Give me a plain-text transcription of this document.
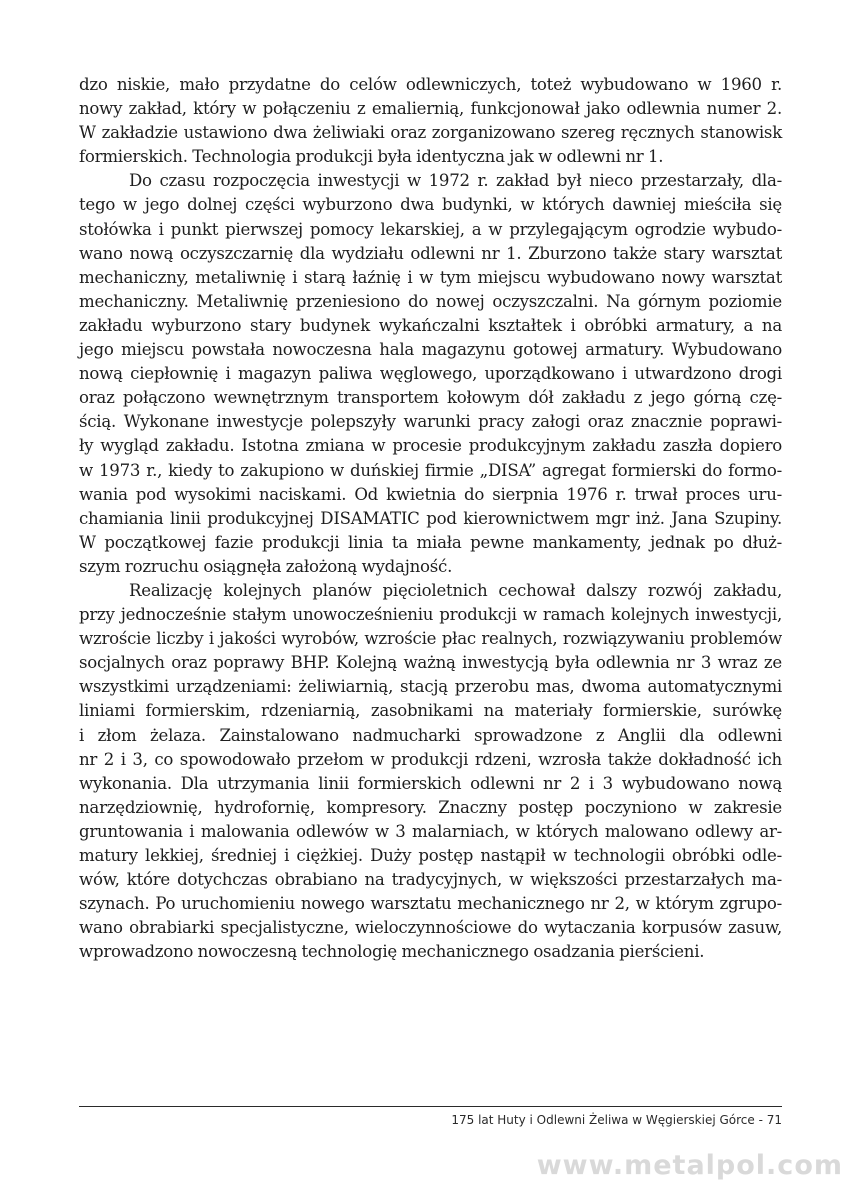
dzo niskie, mało przydatne do celów odlewniczych, toteż wybudowano w 1960 r.
nowy zakład, który w połączeniu z emaliernią, funkcjonował jako odlewnia numer 2.
W zakładzie ustawiono dwa żeliwiaki oraz zorganizowano szereg ręcznych stanowisk
formierskich. Technologia produkcji była identyczna jak w odlewni nr 1.
Do czasu rozpoczęcia inwestycji w 1972 r. zakład był nieco przestarzały, dla-
tego w jego dolnej części wyburzono dwa budynki, w których dawniej mieściła się
stołówka i punkt pierwszej pomocy lekarskiej, a w przylegającym ogrodzie wybudo-
wano nową oczyszczarnię dla wydziału odlewni nr 1. Zburzono także stary warsztat
mechaniczny, metaliwnię i starą łaźnię i w tym miejscu wybudowano nowy warsztat
mechaniczny. Metaliwnię przeniesiono do nowej oczyszczalni. Na górnym poziomie
zakładu wyburzono stary budynek wykańczalni kształtek i obróbki armatury, a na
jego miejscu powstała nowoczesna hala magazynu gotowej armatury. Wybudowano
nową ciepłownię i magazyn paliwa węglowego, uporządkowano i utwardzono drogi
oraz połączono wewnętrznym transportem kołowym dół zakładu z jego górną czę-
ścią. Wykonane inwestycje polepszyły warunki pracy załogi oraz znacznie poprawi-
ły wygląd zakładu. Istotna zmiana w procesie produkcyjnym zakładu zaszła dopiero
w 1973 r., kiedy to zakupiono w duńskiej firmie „DISA” agregat formierski do formo-
wania pod wysokimi naciskami. Od kwietnia do sierpnia 1976 r. trwał proces uru-
chamiania linii produkcyjnej DISAMATIC pod kierownictwem mgr inż. Jana Szupiny.
W początkowej fazie produkcji linia ta miała pewne mankamenty, jednak po dłuż-
szym rozruchu osiągnęła założoną wydajność.
Realizację kolejnych planów pięcioletnich cechował dalszy rozwój zakładu,
przy jednocześnie stałym unowocześnieniu produkcji w ramach kolejnych inwestycji,
wzroście liczby i jakości wyrobów, wzroście płac realnych, rozwiązywaniu problemów
socjalnych oraz poprawy BHP. Kolejną ważną inwestycją była odlewnia nr 3 wraz ze
wszystkimi urządzeniami: żeliwiarnią, stacją przerobu mas, dwoma automatycznymi
liniami formierskim, rdzeniarnią, zasobnikami na materiały formierskie, surówkę
i złom żelaza. Zainstalowano nadmucharki sprowadzone z Anglii dla odlewni
nr 2 i 3, co spowodowało przełom w produkcji rdzeni, wzrosła także dokładność ich
wykonania. Dla utrzymania linii formierskich odlewni nr 2 i 3 wybudowano nową
narzędziownię, hydrofornię, kompresory. Znaczny postęp poczyniono w zakresie
gruntowania i malowania odlewów w 3 malarniach, w których malowano odlewy ar-
matury lekkiej, średniej i ciężkiej. Duży postęp nastąpił w technologii obróbki odle-
wów, które dotychczas obrabiano na tradycyjnych, w większości przestarzałych ma-
szynach. Po uruchomieniu nowego warsztatu mechanicznego nr 2, w którym zgrupo-
wano obrabiarki specjalistyczne, wieloczynnościowe do wytaczania korpusów zasuw,
wprowadzono nowoczesną technologię mechanicznego osadzania pierścieni.
175 lat Huty i Odlewni Żeliwa w Węgierskiej Górce - 71
www.metalpol.com
